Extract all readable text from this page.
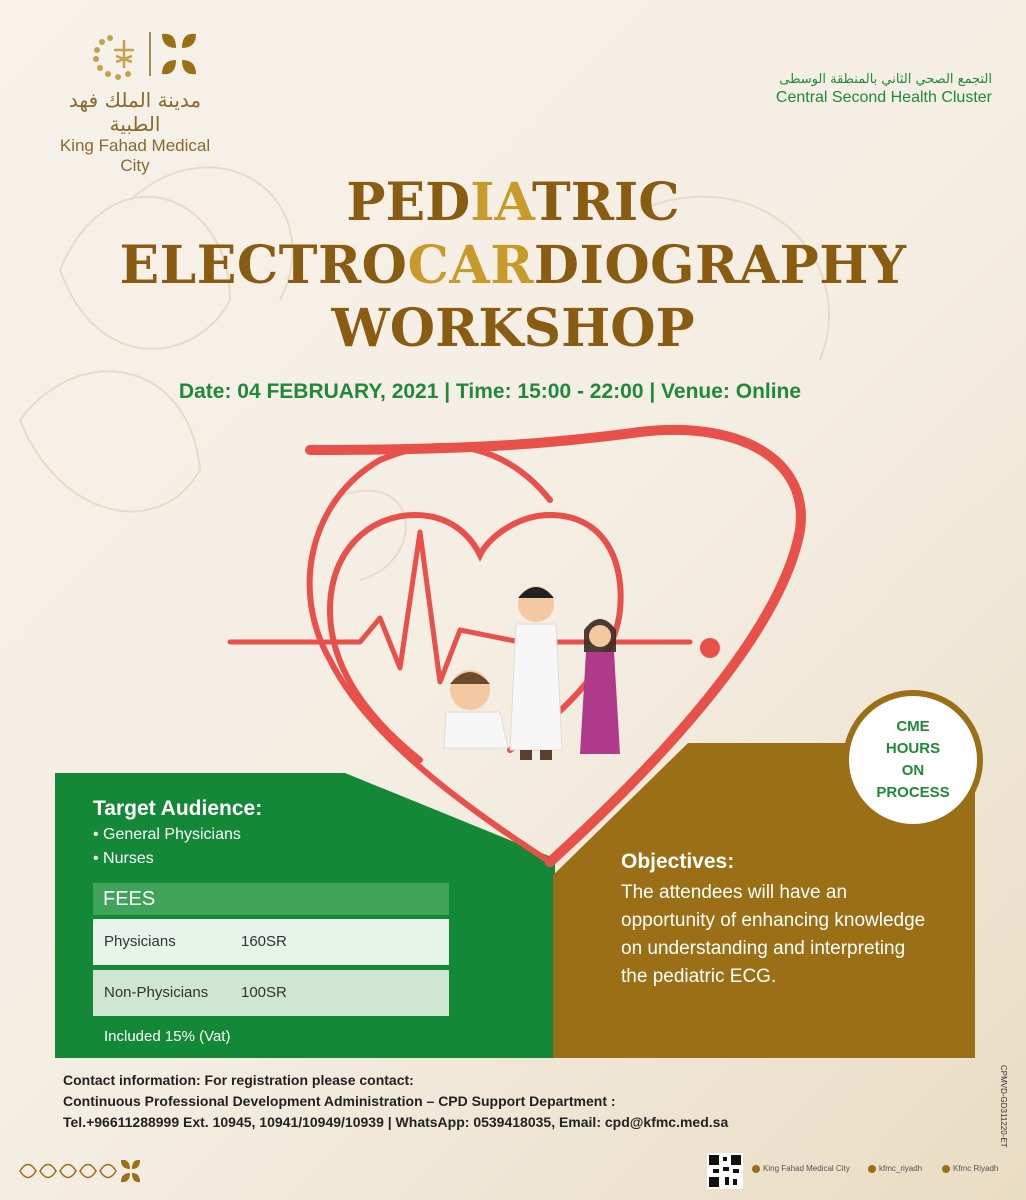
مدينة الملك فهد الطبية
King Fahad Medical City
التجمع الصحي الثاني بالمنطقة الوسطى
Central Second Health Cluster
PEDIATRIC
ELECTROCARDIOGRAPHY
WORKSHOP
Date: 04 FEBRUARY, 2021 | Time: 15:00 - 22:00 | Venue: Online
Target Audience:
• General Physicians
• Nurses
FEES
Physicians	160SR
Non-Physicians 100SR
Included 15% (Vat)
CME
HOURS
ON
PROCESS
Objectives:
The attendees will have an opportunity of enhancing knowledge on understanding and interpreting the pediatric ECG.
Contact information: For registration please contact:
Continuous Professional Development Administration – CPD Support Department :
Tel.+96611288999 Ext. 10945, 10941/10949/10939 | WhatsApp: 0539418035, Email: cpd@kfmc.med.sa	CPMVD-GD311220-ET
King Fahad Medical City	kfmc_riyadh	Kfmc Riyadh
